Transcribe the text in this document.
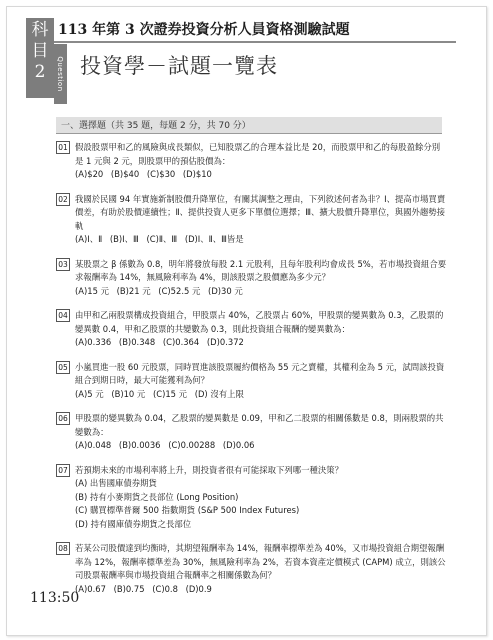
科
目
2	Question
113 年第 3 次證券投資分析人員資格測驗試題
投資學－試題一覽表
一、選擇題（共 35 題，每題 2 分，共 70 分）
01 假設股票甲和乙的風險與成長類似，已知股票乙的合理本益比是 20，而股票甲和乙的每股盈餘分別是 1 元與 2 元，則股票甲的預估股價為：
(A)$20 (B)$40 (C)$30 (D)$10
02 我國於民國 94 年實施新制股價升降單位，有關其調整之理由，下列敘述何者為非？Ⅰ、提高市場買賣價差，有助於股價連續性；Ⅱ、提供投資人更多下單價位選擇；Ⅲ、擴大股價升降單位，與國外趨勢接軌
(A)Ⅰ、Ⅱ (B)Ⅰ、Ⅲ (C)Ⅱ、Ⅲ (D)Ⅰ、Ⅱ、Ⅲ皆是
03 某股票之 β 係數為 0.8，明年將發放每股 2.1 元股利，且每年股利均會成長 5%，若市場投資組合要求報酬率為 14%，無風險利率為 4%，則該股票之股價應為多少元？
(A)15 元 (B)21 元 (C)52.5 元 (D)30 元
04 由甲和乙兩股票構成投資組合，甲股票占 40%，乙股票占 60%，甲股票的變異數為 0.3，乙股票的變異數 0.4，甲和乙股票的共變數為 0.3，則此投資組合報酬的變異數為：
(A)0.336 (B)0.348 (C)0.364 (D)0.372
05 小嵐買進一股 60 元股票，同時買進該股票履約價格為 55 元之賣權，其權利金為 5 元，試問該投資組合到期日時，最大可能獲利為何？
(A)5 元 (B)10 元 (C)15 元 (D) 沒有上限
06 甲股票的變異數為 0.04，乙股票的變異數是 0.09，甲和乙二股票的相關係數是 0.8，則兩股票的共變數為：
(A)0.048 (B)0.0036 (C)0.00288 (D)0.06
07 若預期未來的市場利率將上升，則投資者很有可能採取下列哪一種決策？
(A) 出售國庫債券期貨
(B) 持有小麥期貨之長部位 (Long Position)
(C) 購買標準普爾 500 指數期貨 (S&P 500 Index Futures)
(D) 持有國庫債券期貨之長部位
08 若某公司股價達到均衡時，其期望報酬率為 14%，報酬率標準差為 40%，又市場投資組合期望報酬率為 12%，報酬率標準差為 30%，無風險利率為 2%，若資本資產定價模式 (CAPM) 成立，則該公司股票報酬率與市場投資組合報酬率之相關係數為何？
(A)0.67 (B)0.75 (C)0.8 (D)0.9
113:50
